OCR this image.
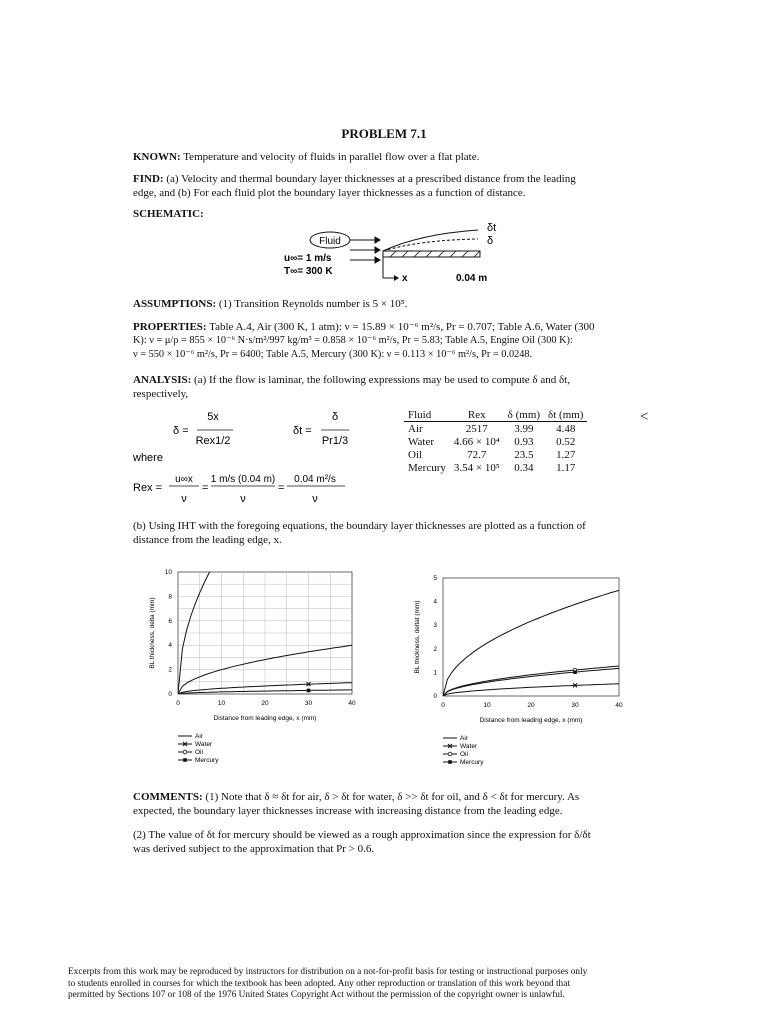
PROBLEM 7.1
KNOWN: Temperature and velocity of fluids in parallel flow over a flat plate.
FIND: (a) Velocity and thermal boundary layer thicknesses at a prescribed distance from the leading
edge, and (b) For each fluid plot the boundary layer thicknesses as a function of distance.
SCHEMATIC:
Fluid
u∞= 1 m/s
T∞= 300 K
δt
δ
x	0.04 m
ASSUMPTIONS: (1) Transition Reynolds number is 5 × 10⁵.
PROPERTIES: Table A.4, Air (300 K, 1 atm): ν = 15.89 × 10⁻⁶ m²/s, Pr = 0.707; Table A.6, Water (300
K): ν = μ/ρ = 855 × 10⁻⁶ N·s/m²/997 kg/m³ = 0.858 × 10⁻⁶ m²/s, Pr = 5.83; Table A.5, Engine Oil (300 K):
ν = 550 × 10⁻⁶ m²/s, Pr = 6400; Table A.5, Mercury (300 K): ν = 0.113 × 10⁻⁶ m²/s, Pr = 0.0248.
ANALYSIS: (a) If the flow is laminar, the following expressions may be used to compute δ and δt,
respectively,
δ =
5x
Rex1/2
δt =
δ
Pr1/3
where
Rex =
u∞x
ν
=
1 m/s (0.04 m)
ν
=
0.04 m²/s
ν
Fluid	Rex	δ (mm)	δt (mm)
Air	2517	3.99	4.48
Water	4.66 × 10⁴	0.93	0.52
Oil	72.7	23.5	1.27
Mercury	3.54 × 10⁵	0.34	1.17
<
(b) Using IHT with the foregoing equations, the boundary layer thicknesses are plotted as a function of
distance from the leading edge, x.
0	10	20	30	40
0
2
4
6
8
10
Distance from leading edge, x (mm)
BL thickness, delta (mm)
Air
Water
Oil
Mercury
0	10	20	30	40
0
1
2
3
4
5
Distance from leading edge, x (mm)
BL thickness, deltat (mm)
Air
Water
Oil
Mercury
COMMENTS: (1) Note that δ ≈ δt for air, δ > δt for water, δ >> δt for oil, and δ < δt for mercury. As
expected, the boundary layer thicknesses increase with increasing distance from the leading edge.
(2) The value of δt for mercury should be viewed as a rough approximation since the expression for δ/δt
was derived subject to the approximation that Pr > 0.6.
Excerpts from this work may be reproduced by instructors for distribution on a not-for-profit basis for testing or instructional purposes only
to students enrolled in courses for which the textbook has been adopted. Any other reproduction or translation of this work beyond that
permitted by Sections 107 or 108 of the 1976 United States Copyright Act without the permission of the copyright owner is unlawful.
